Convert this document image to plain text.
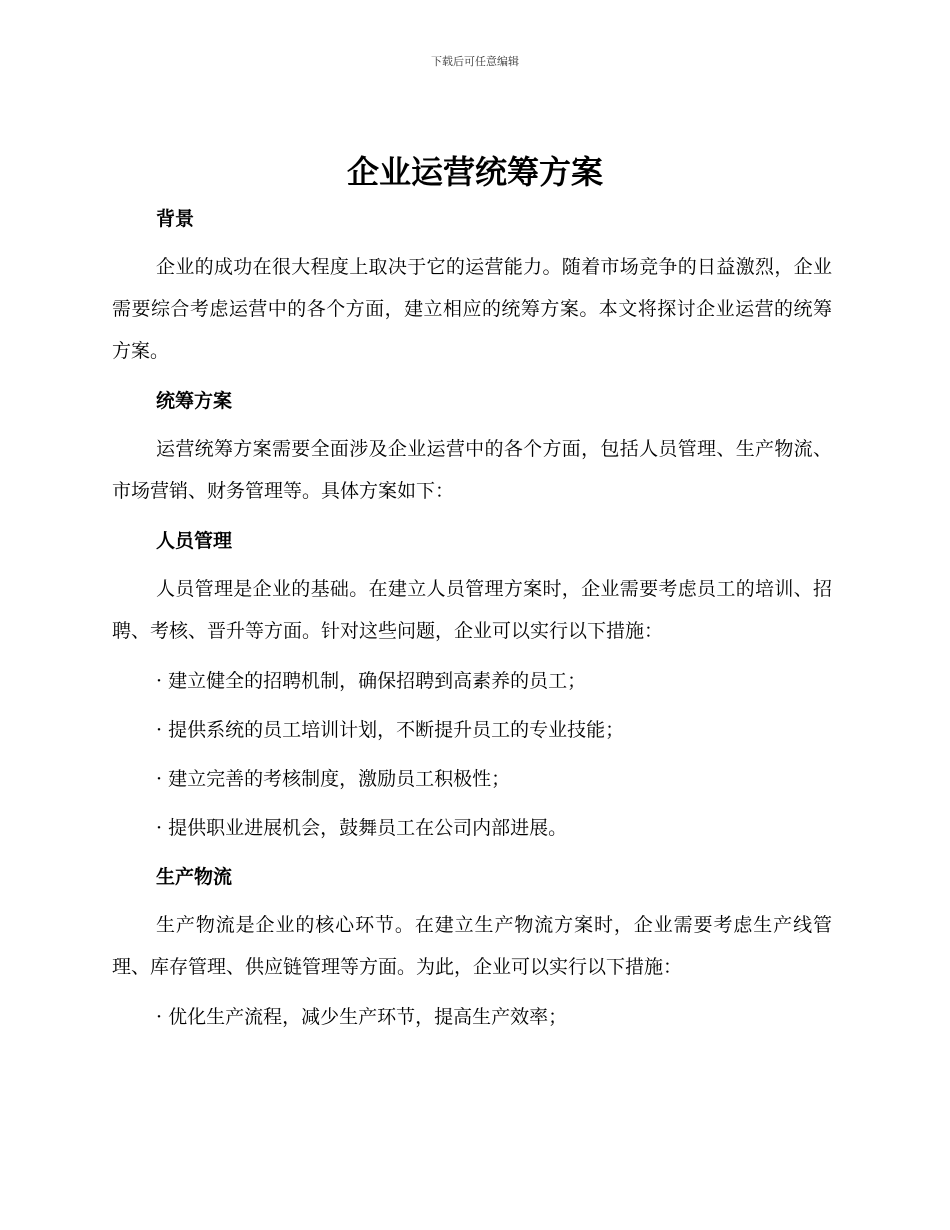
下载后可任意编辑
企业运营统筹方案
背景

企业的成功在很大程度上取决于它的运营能力。随着市场竞争的日益激烈，企业需要综合考虑运营中的各个方面，建立相应的统筹方案。本文将探讨企业运营的统筹方案。

统筹方案

运营统筹方案需要全面涉及企业运营中的各个方面，包括人员管理、生产物流、市场营销、财务管理等。具体方案如下：

人员管理

人员管理是企业的基础。在建立人员管理方案时，企业需要考虑员工的培训、招聘、考核、晋升等方面。针对这些问题，企业可以实行以下措施：

· 建立健全的招聘机制，确保招聘到高素养的员工；

· 提供系统的员工培训计划，不断提升员工的专业技能；

· 建立完善的考核制度，激励员工积极性；

· 提供职业进展机会，鼓舞员工在公司内部进展。

生产物流

生产物流是企业的核心环节。在建立生产物流方案时，企业需要考虑生产线管理、库存管理、供应链管理等方面。为此，企业可以实行以下措施：

· 优化生产流程，减少生产环节，提高生产效率；
